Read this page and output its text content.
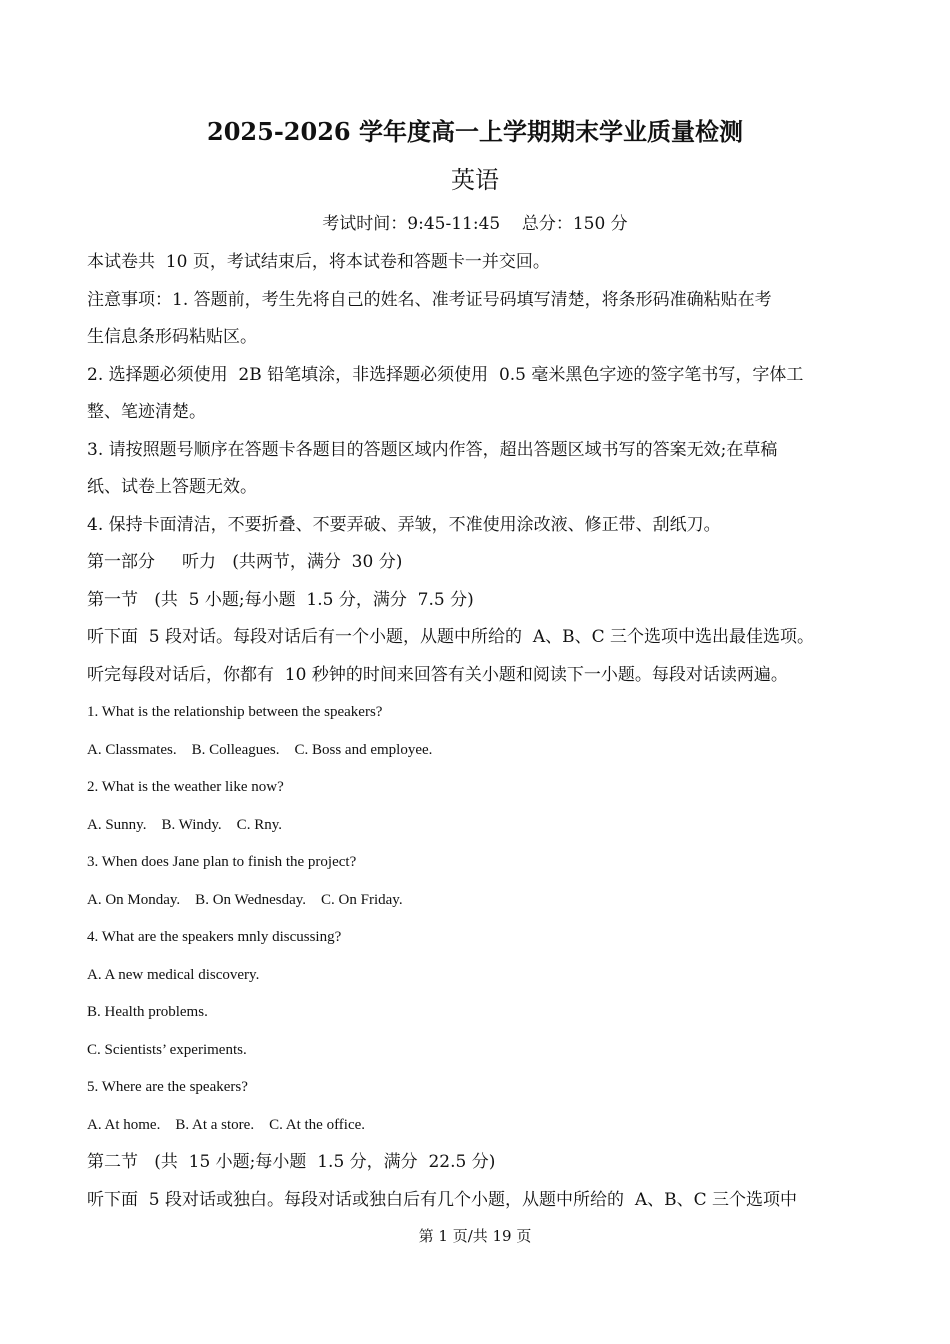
2025-2026 学年度高一上学期期末学业质量检测
英语
考试时间：9:45-11:45    总分：150 分

本试卷共  10 页，考试结束后，将本试卷和答题卡一并交回。

注意事项：1. 答题前，考生先将自己的姓名、准考证号码填写清楚，将条形码准确粘贴在考

生信息条形码粘贴区。

2. 选择题必须使用  2B 铅笔填涂，非选择题必须使用  0.5 毫米黑色字迹的签字笔书写，字体工

整、笔迹清楚。

3. 请按照题号顺序在答题卡各题目的答题区域内作答，超出答题区域书写的答案无效;在草稿

纸、试卷上答题无效。

4. 保持卡面清洁，不要折叠、不要弄破、弄皱，不准使用涂改液、修正带、刮纸刀。

第一部分     听力   (共两节，满分  30 分)

第一节   (共  5 小题;每小题  1.5 分，满分  7.5 分)

听下面  5 段对话。每段对话后有一个小题，从题中所给的  A、B、C 三个选项中选出最佳选项。

听完每段对话后，你都有  10 秒钟的时间来回答有关小题和阅读下一小题。每段对话读两遍。

1. What is the relationship between the speakers?

A. Classmates.    B. Colleagues.    C. Boss and employee.

2. What is the weather like now?

A. Sunny.    B. Windy.    C. Rny.

3. When does Jane plan to finish the project?

A. On Monday.    B. On Wednesday.    C. On Friday.

4. What are the speakers mnly discussing?

A. A new medical discovery.

B. Health problems.

C. Scientists’ experiments.

5. Where are the speakers?

A. At home.    B. At a store.    C. At the office.

第二节   (共  15 小题;每小题  1.5 分，满分  22.5 分)

听下面  5 段对话或独白。每段对话或独白后有几个小题，从题中所给的  A、B、C 三个选项中

第 1 页/共 19 页
